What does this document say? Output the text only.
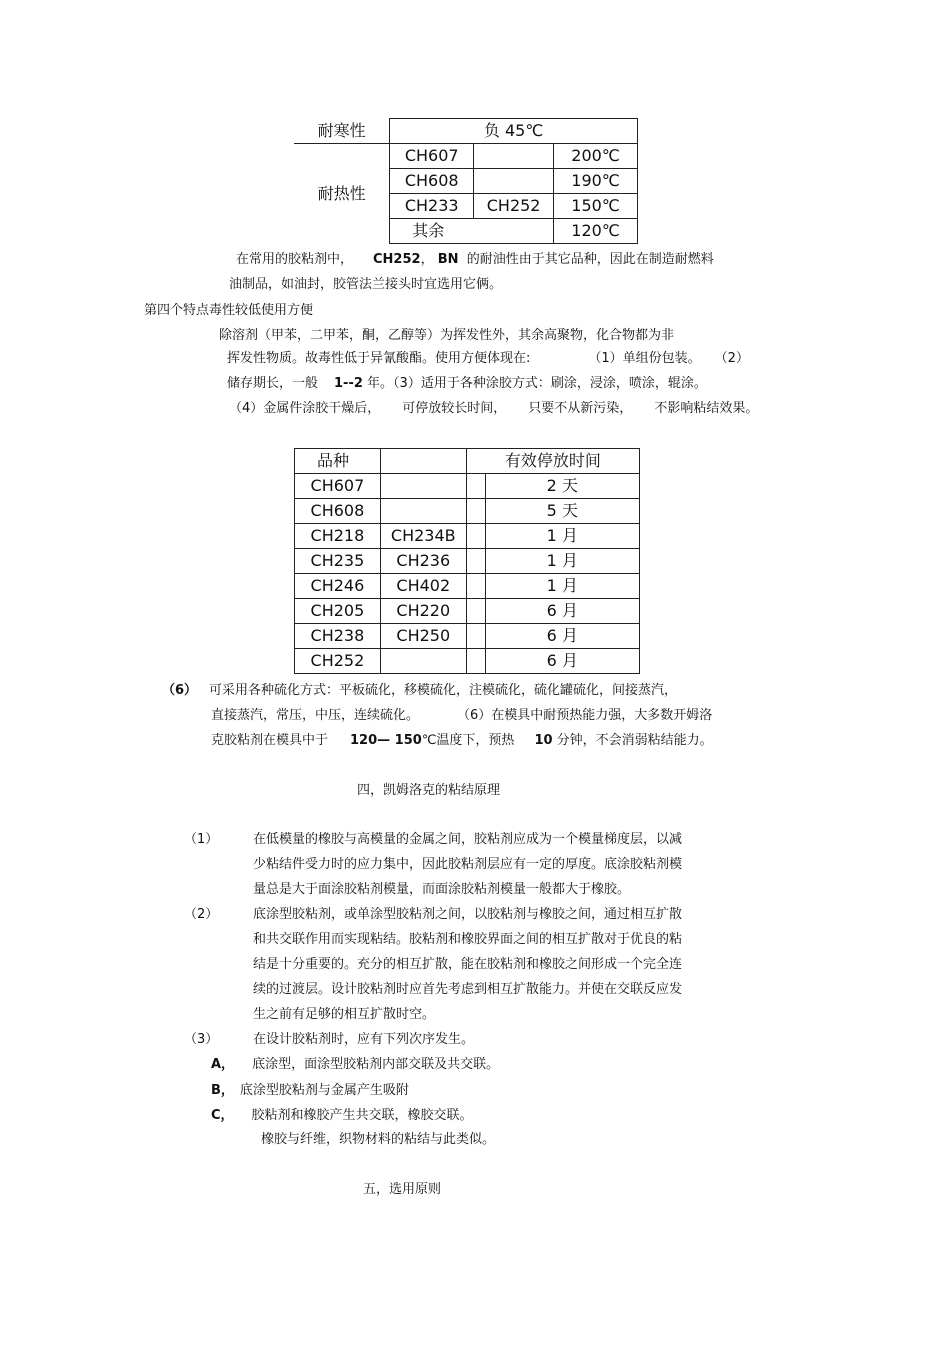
耐寒性	负 45℃		
耐热性	CH607		200℃
	CH608		190℃
	CH233	CH252	150℃
	其余		120℃
在常用的胶粘剂中， CH252， BN 的耐油性由于其它品种，因此在制造耐燃料
油制品，如油封，胶管法兰接头时宜选用它俩。
第四个特点毒性较低使用方便
除溶剂（甲苯，二甲苯，酮，乙醇等）为挥发性外，其余高聚物，化合物都为非
挥发性物质。故毒性低于异氰酸酯。使用方便体现在:	（1）单组份包装。 （2）
储存期长，一般 1--2 年。（3）适用于各种涂胶方式：刷涂，浸涂，喷涂，辊涂。
（4）金属件涂胶干燥后， 可停放较长时间， 只要不从新污染， 不影响粘结效果。
品种		有效停放时间	
CH607			2 天
CH608			5 天
CH218	CH234B		1 月
CH235	CH236		1 月
CH246	CH402		1 月
CH205	CH220		6 月
CH238	CH250		6 月
CH252			6 月
（6） 可采用各种硫化方式：平板硫化，移模硫化，注模硫化，硫化罐硫化，间接蒸汽，
直接蒸汽，常压，中压，连续硫化。	（6）在模具中耐预热能力强，大多数开姆洛
克胶粘剂在模具中于 120— 150℃温度下，预热 10 分钟，不会消弱粘结能力。
四，凯姆洛克的粘结原理
（1）	在低模量的橡胶与高模量的金属之间，胶粘剂应成为一个模量梯度层，以减
少粘结件受力时的应力集中，因此胶粘剂层应有一定的厚度。底涂胶粘剂模
量总是大于面涂胶粘剂模量，而面涂胶粘剂模量一般都大于橡胶。
（2）	底涂型胶粘剂，或单涂型胶粘剂之间，以胶粘剂与橡胶之间，通过相互扩散
和共交联作用而实现粘结。胶粘剂和橡胶界面之间的相互扩散对于优良的粘
结是十分重要的。充分的相互扩散，能在胶粘剂和橡胶之间形成一个完全连
续的过渡层。设计胶粘剂时应首先考虑到相互扩散能力。并使在交联反应发
生之前有足够的相互扩散时空。
（3）	在设计胶粘剂时，应有下列次序发生。
A， 底涂型，面涂型胶粘剂内部交联及共交联。
B， 底涂型胶粘剂与金属产生吸附
C， 胶粘剂和橡胶产生共交联，橡胶交联。
橡胶与纤维，织物材料的粘结与此类似。
五，选用原则
